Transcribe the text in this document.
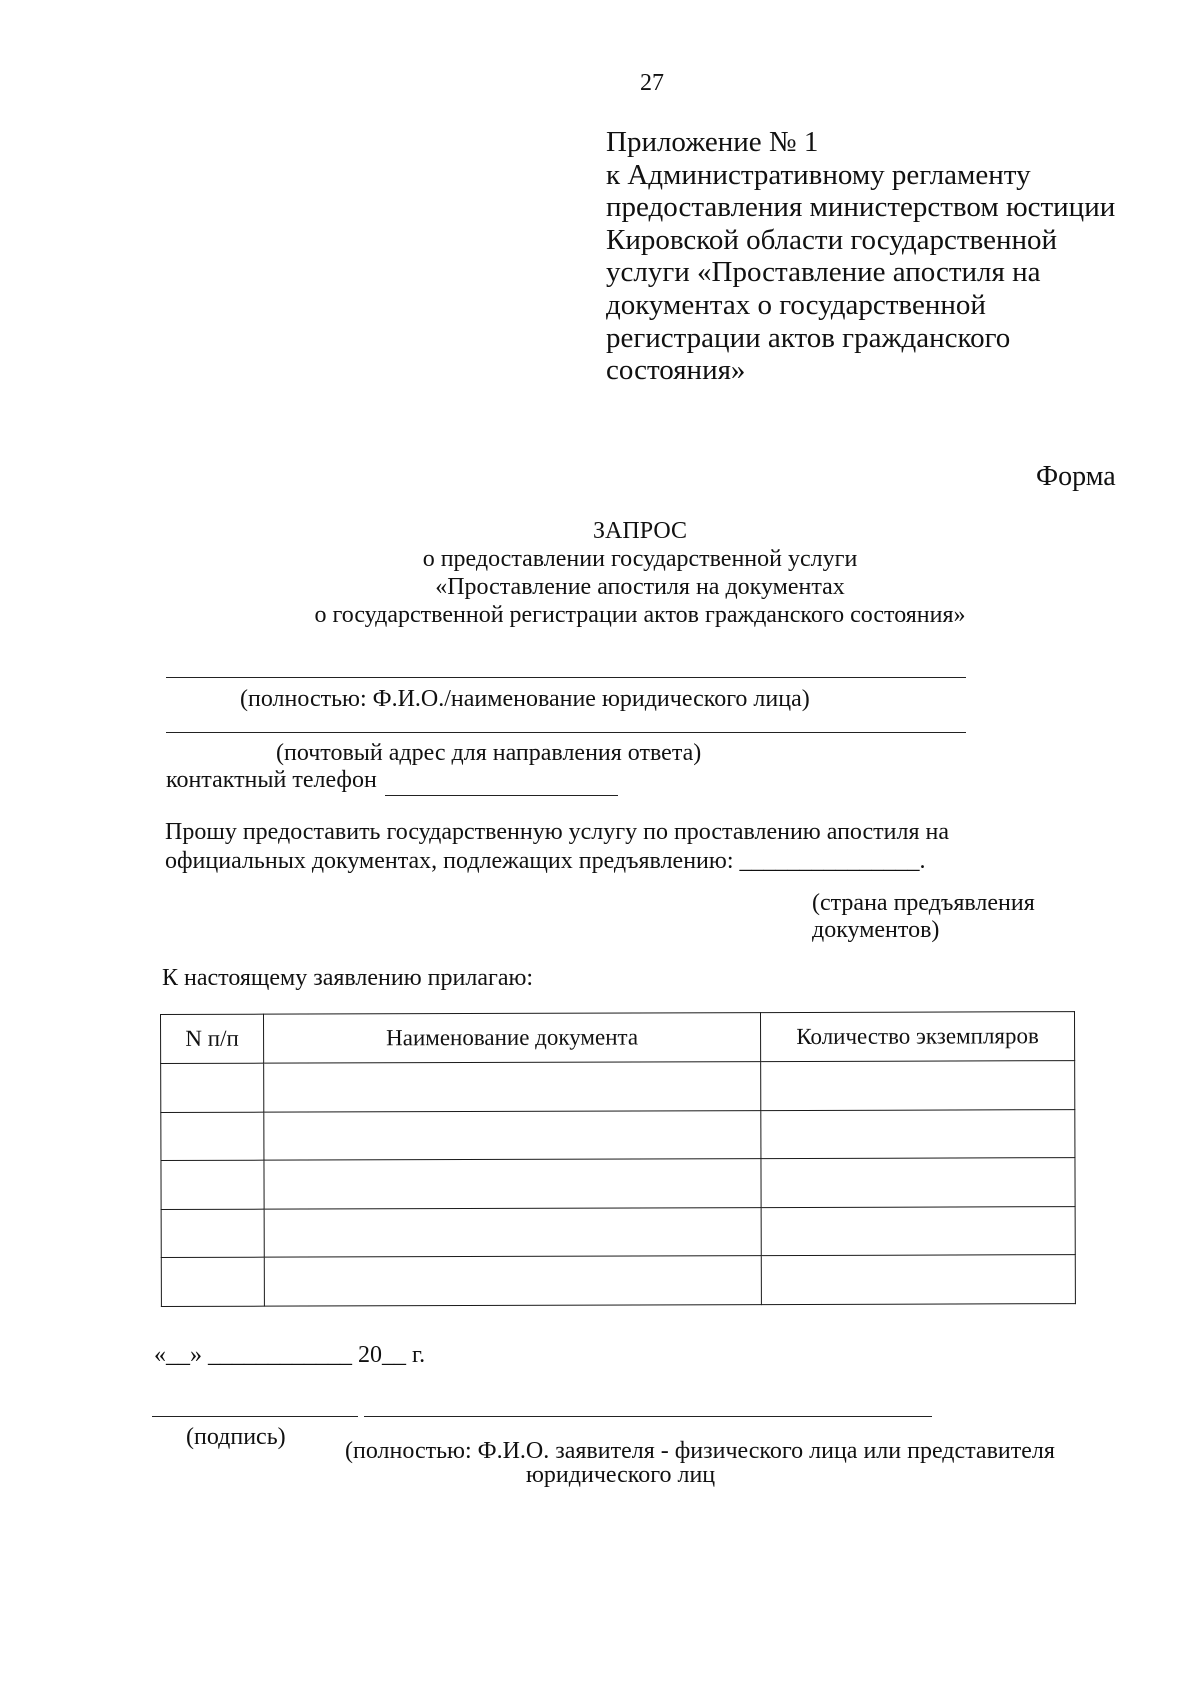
27
Приложение № 1
к Административному регламенту
предоставления министерством юстиции
Кировской области государственной
услуги «Проставление апостиля на
документах о государственной
регистрации актов гражданского
состояния»
Форма
ЗАПРОС
о предоставлении государственной услуги
«Проставление апостиля на документах
о государственной регистрации актов гражданского состояния»
(полностью: Ф.И.О./наименование юридического лица)
(почтовый адрес для направления ответа)
контактный телефон
Прошу предоставить государственную услугу по проставлению апостиля на
официальных документах, подлежащих предъявлению: _______________.
(страна предъявления
документов)
К настоящему заявлению прилагаю:
N п/п	Наименование документа	Количество экземпляров

«__» ____________ 20__ г.
(подпись)
(полностью: Ф.И.О. заявителя - физического лица или представителя
юридического лиц
